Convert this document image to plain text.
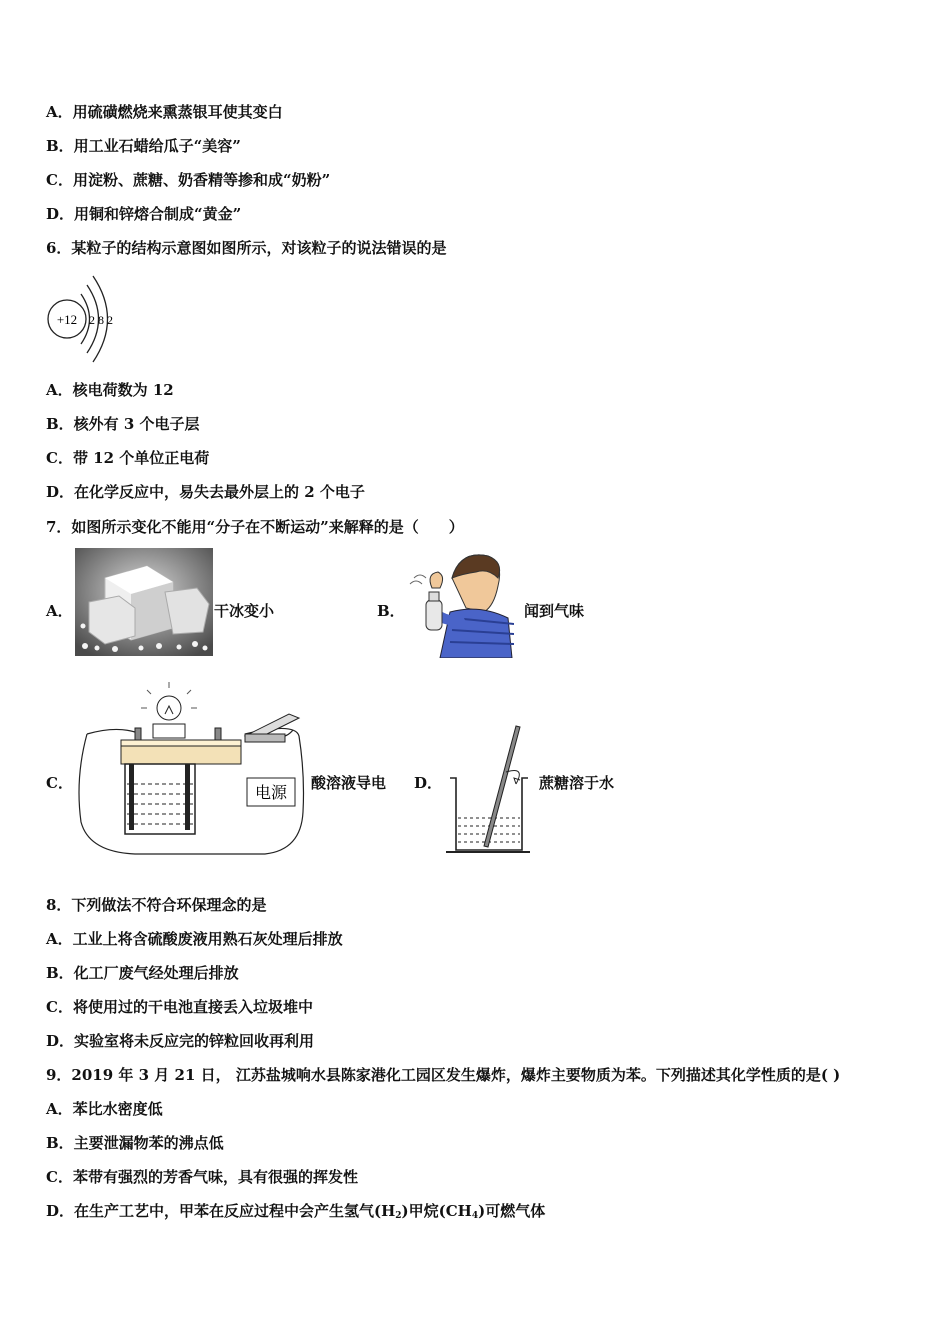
A．用硫磺燃烧来熏蒸银耳使其变白
B．用工业石蜡给瓜子“美容”
C．用淀粉、蔗糖、奶香精等掺和成“奶粉”
D．用铜和锌熔合制成“黄金”
6．某粒子的结构示意图如图所示，对该粒子的说法错误的是
+12 2 8 2
A．核电荷数为 12
B．核外有 3 个电子层
C．带 12 个单位正电荷
D．在化学反应中，易失去最外层上的 2 个电子
7．如图所示变化不能用“分子在不断运动”来解释的是（　　）
A．	干冰变小	B．	闻到气味
C．	电源 酸溶液导电 D．	蔗糖溶于水
8．下列做法不符合环保理念的是
A．工业上将含硫酸废液用熟石灰处理后排放
B．化工厂废气经处理后排放
C．将使用过的干电池直接丢入垃圾堆中
D．实验室将未反应完的锌粒回收再利用
9．2019 年 3 月 21 日， 江苏盐城响水县陈家港化工园区发生爆炸，爆炸主要物质为苯。下列描述其化学性质的是( )
A．苯比水密度低
B．主要泄漏物苯的沸点低
C．苯带有强烈的芳香气味，具有很强的挥发性
D．在生产工艺中，甲苯在反应过程中会产生氢气$(H_2)$甲烷$(CH_4)$可燃气体
